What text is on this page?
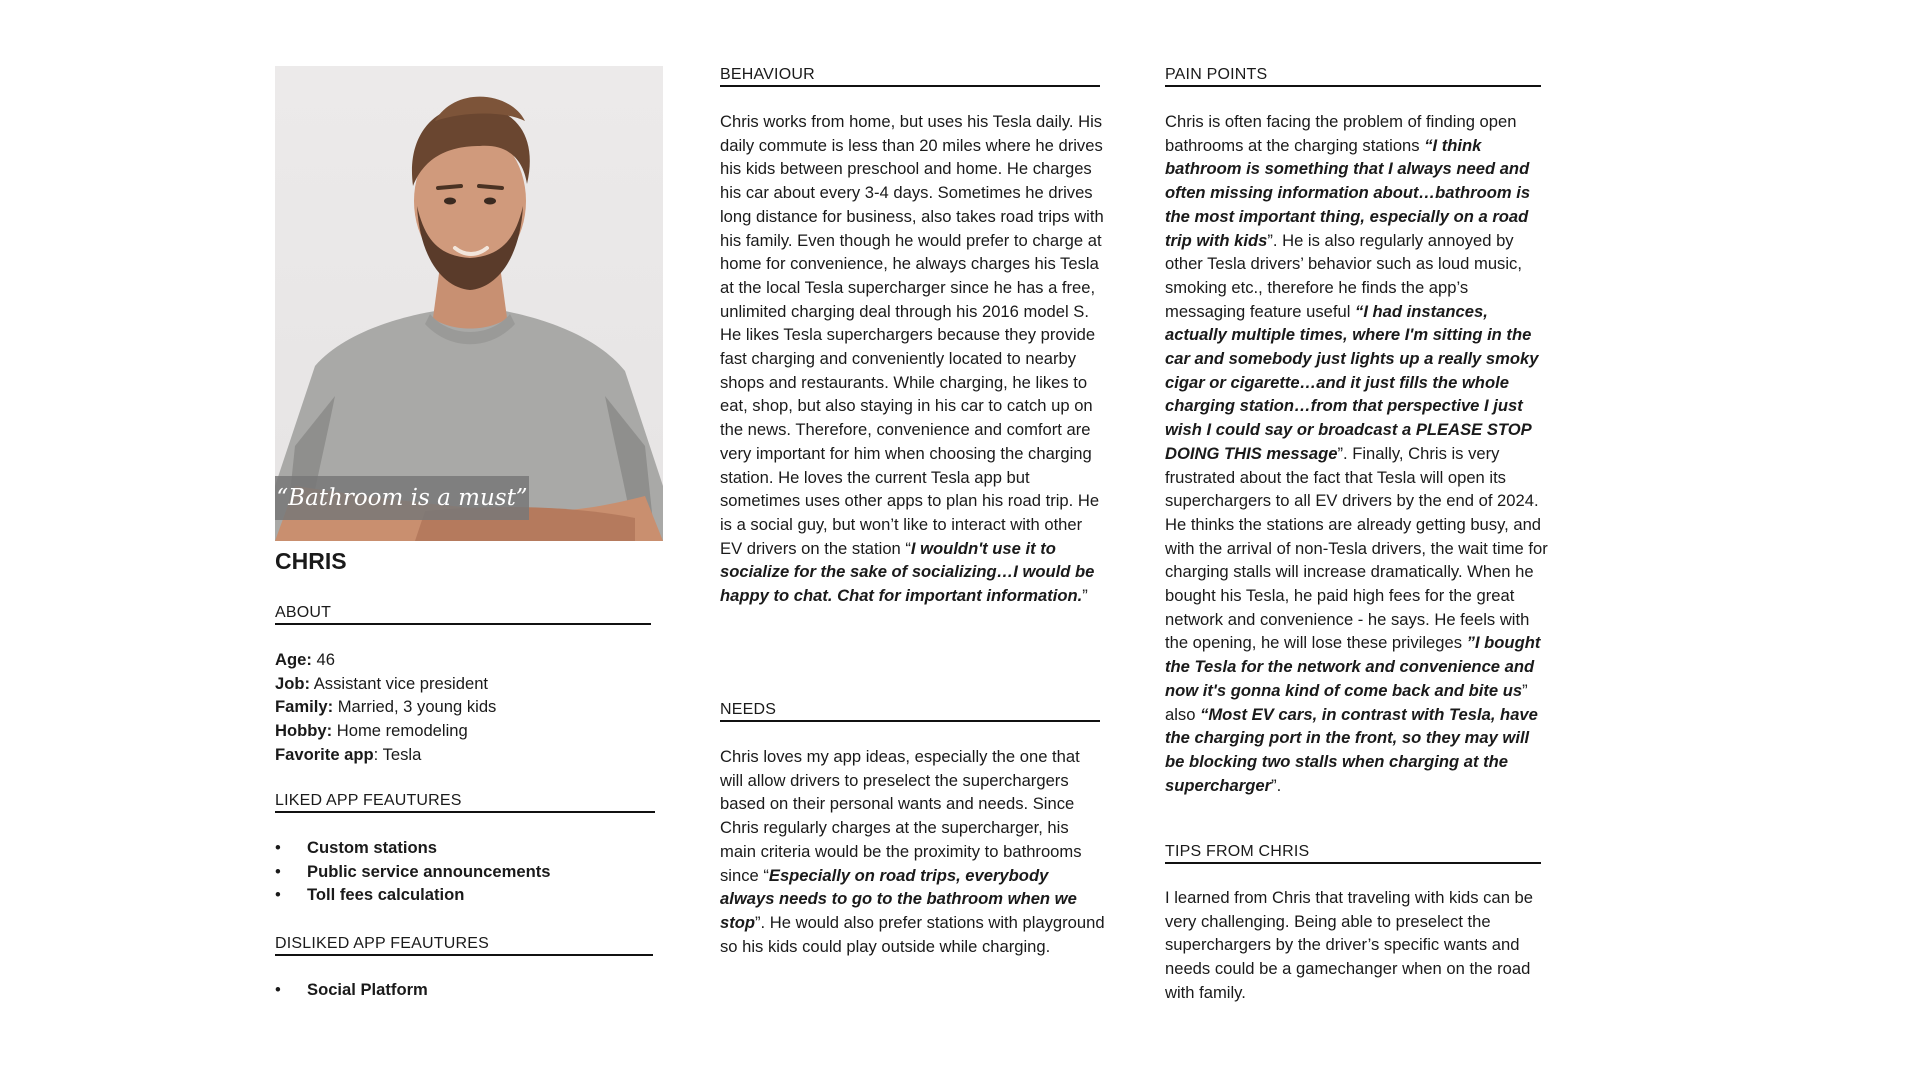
“Bathroom is a must”
CHRIS
ABOUT
Age: 46
Job: Assistant vice president
Family: Married, 3 young kids
Hobby: Home remodeling
Favorite app: Tesla
LIKED APP FEAUTURES
• Custom stations
• Public service announcements
• Toll fees calculation
DISLIKED APP FEAUTURES
• Social Platform
BEHAVIOUR

Chris works from home, but uses his Tesla daily. His daily commute is less than 20 miles where he drives his kids between preschool and home. He charges his car about every 3-4 days. Sometimes he drives long distance for business, also takes road trips with his family. Even though he would prefer to charge at home for convenience, he always charges his Tesla at the local Tesla supercharger since he has a free, unlimited charging deal through his 2016 model S. He likes Tesla superchargers because they provide fast charging and conveniently located to nearby shops and restaurants. While charging, he likes to eat, shop, but also staying in his car to catch up on the news. Therefore, convenience and comfort are very important for him when choosing the charging station. He loves the current Tesla app but sometimes uses other apps to plan his road trip. He is a social guy, but won’t like to interact with other EV drivers on the station “I wouldn't use it to socialize for the sake of socializing…I would be happy to chat. Chat for important information.”

NEEDS

Chris loves my app ideas, especially the one that will allow drivers to preselect the superchargers based on their personal wants and needs. Since Chris regularly charges at the supercharger, his main criteria would be the proximity to bathrooms since “Especially on road trips, everybody always needs to go to the bathroom when we stop”. He would also prefer stations with playground so his kids could play outside while charging.

PAIN POINTS

Chris is often facing the problem of finding open bathrooms at the charging stations “I think bathroom is something that I always need and often missing information about…bathroom is the most important thing, especially on a road trip with kids”. He is also regularly annoyed by other Tesla drivers’ behavior such as loud music, smoking etc., therefore he finds the app’s messaging feature useful “I had instances, actually multiple times, where I'm sitting in the car and somebody just lights up a really smoky cigar or cigarette…and it just fills the whole charging station…from that perspective I just wish I could say or broadcast a PLEASE STOP DOING THIS message”. Finally, Chris is very frustrated about the fact that Tesla will open its superchargers to all EV drivers by the end of 2024. He thinks the stations are already getting busy, and with the arrival of non-Tesla drivers, the wait time for charging stalls will increase dramatically. When he bought his Tesla, he paid high fees for the great network and convenience - he says. He feels with the opening, he will lose these privileges ”I bought the Tesla for the network and convenience and now it's gonna kind of come back and bite us” also “Most EV cars, in contrast with Tesla, have the charging port in the front, so they may will be blocking two stalls when charging at the supercharger”.

TIPS FROM CHRIS

I learned from Chris that traveling with kids can be very challenging. Being able to preselect the superchargers by the driver’s specific wants and needs could be a gamechanger when on the road with family.
